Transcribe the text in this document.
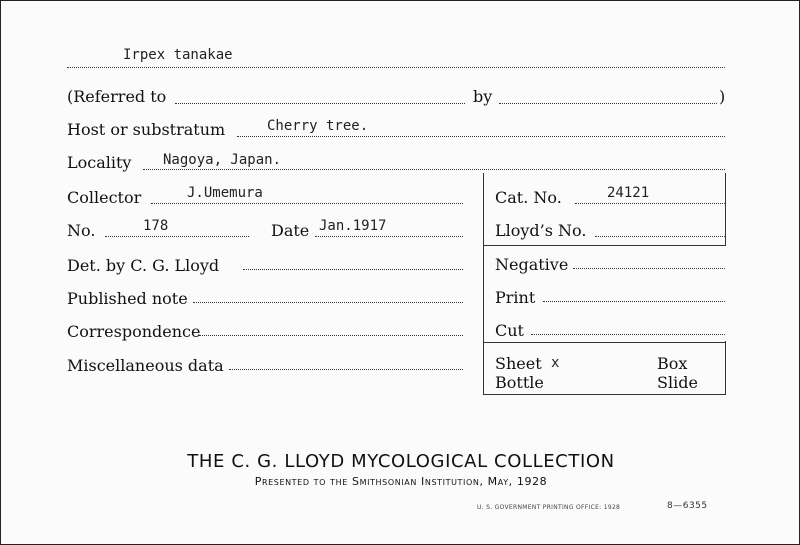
Irpex tanakae
(Referred to	by	)
Host or substratum	Cherry tree.
Locality Nagoya, Japan.
Collector	J.Umemura
No.	178	Date Jan.1917
Det. by C. G. Lloyd
Published note
Correspondence
Miscellaneous data
Cat. No.	24121
Lloyd’s No.
Negative
Print
Cut
Sheet x	Box
Bottle	Slide
THE C. G. LLOYD MYCOLOGICAL COLLECTION
Presented to the Smithsonian Institution, May, 1928
U. S. GOVERNMENT PRINTING OFFICE: 1928	8—6355
